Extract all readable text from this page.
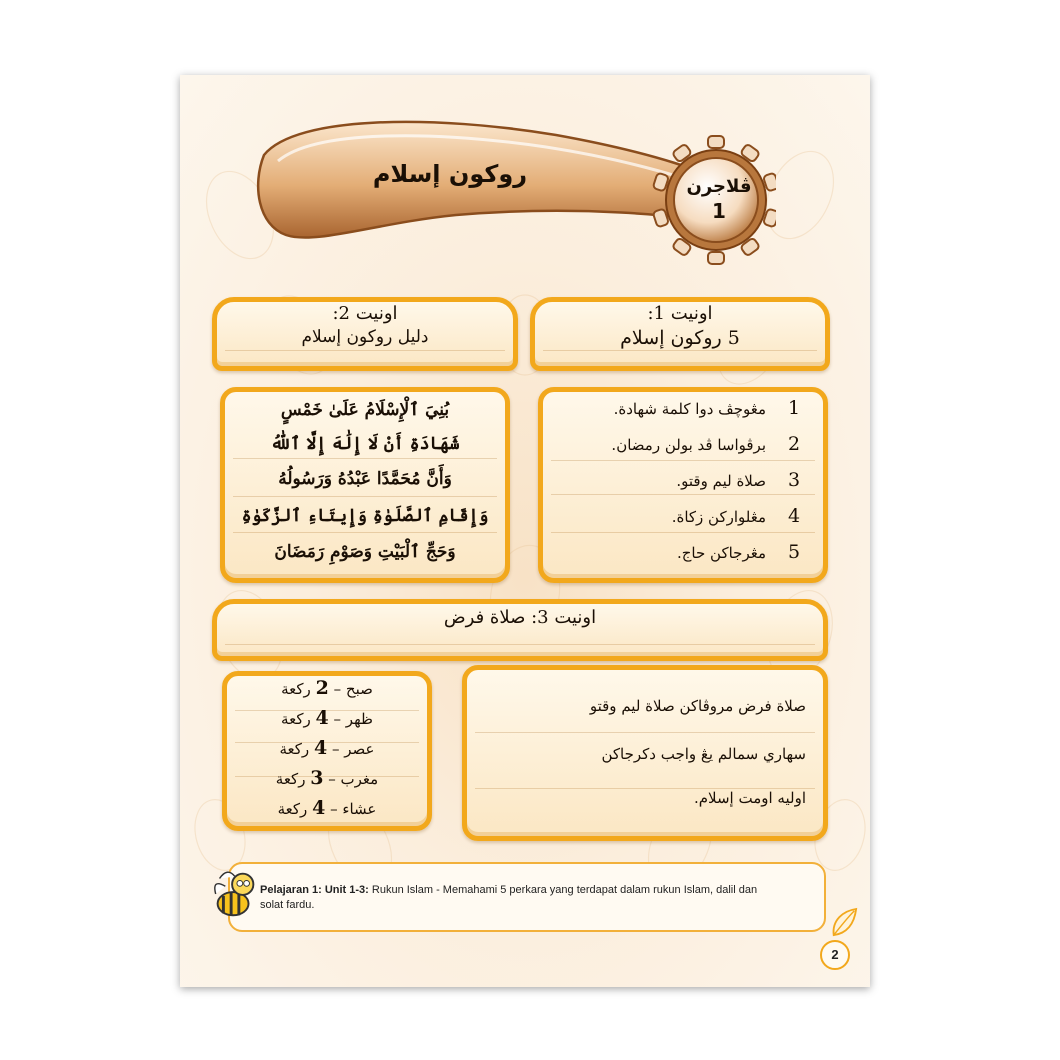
روكون إسلام	ڤلاجرن
1
اونيت 1:
5 روكون إسلام
اونيت 2:
دليل روكون إسلام
1
مڠوچڤ دوا كلمة شهادة.
2
برڤواسا ڤد بولن رمضان.
3
صلاة ليم وقتو.
4
مڠلواركن زكاة.
5
مڠرجاكن حاج.
بُنِيَ ٱلْإِسْلَامُ عَلَىٰ خَمْسٍ
شَهَادَةِ أَنْ لَا إِلَٰهَ إِلَّا ٱللّٰهُ
وَأَنَّ مُحَمَّدًا عَبْدُهُ وَرَسُولُهُ
وَإِقَامِ ٱلصَّلَوٰةِ وَإِيتَاءِ ٱلزَّكَوٰةِ
وَحَجِّ ٱلْبَيْتِ وَصَوْمِ رَمَضَانَ
اونيت 3: صلاة فرض
صبح – 2 ركعة
ظهر – 4 ركعة
عصر – 4 ركعة
مغرب – 3 ركعة
عشاء – 4 ركعة
صلاة فرض مروڤاكن صلاة ليم وقتو
سهاري سمالم يڠ واجب دكرجاكن
اوليه اومت إسلام.
Pelajaran 1: Unit 1-3: Rukun Islam - Memahami 5 perkara yang terdapat dalam rukun Islam, dalil dan solat fardu.
2
